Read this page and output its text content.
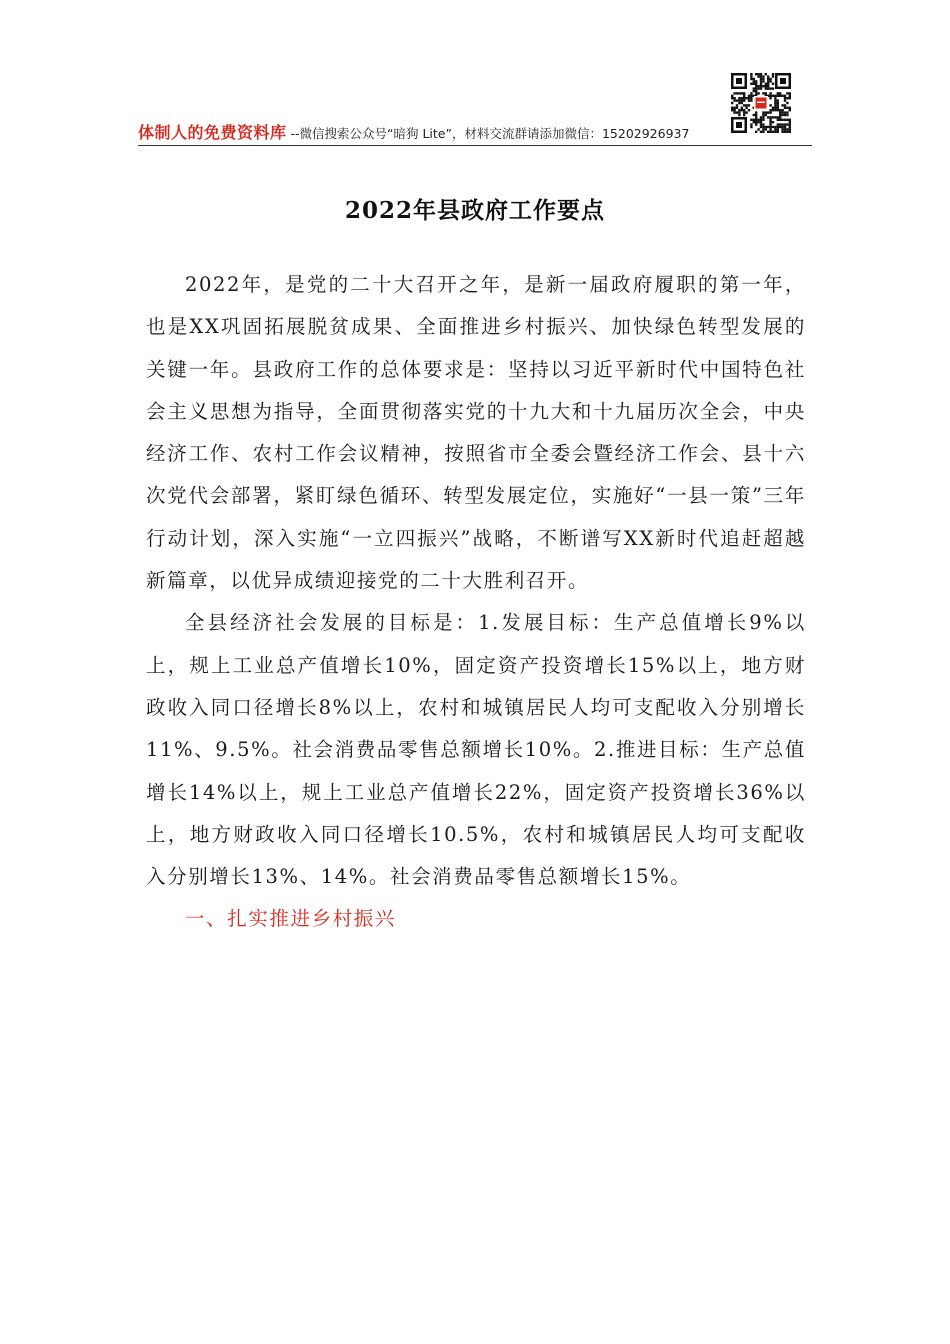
体制人的免费资料库 --微信搜索公众号“暗狗 Lite”，材料交流群请添加微信：15202926937
2022年县政府工作要点

2022年，是党的二十大召开之年，是新一届政府履职的第一年，也是XX巩固拓展脱贫成果、全面推进乡村振兴、加快绿色转型发展的关键一年。县政府工作的总体要求是：坚持以习近平新时代中国特色社会主义思想为指导，全面贯彻落实党的十九大和十九届历次全会，中央经济工作、农村工作会议精神，按照省市全委会暨经济工作会、县十六次党代会部署，紧盯绿色循环、转型发展定位，实施好“一县一策”三年行动计划，深入实施“一立四振兴”战略，不断谱写XX新时代追赶超越新篇章，以优异成绩迎接党的二十大胜利召开。

全县经济社会发展的目标是：1.发展目标：生产总值增长9%以上，规上工业总产值增长10%，固定资产投资增长15%以上，地方财政收入同口径增长8%以上，农村和城镇居民人均可支配收入分别增长11%、9.5%。社会消费品零售总额增长10%。2.推进目标：生产总值增长14%以上，规上工业总产值增长22%，固定资产投资增长36%以上，地方财政收入同口径增长10.5%，农村和城镇居民人均可支配收入分别增长13%、14%。社会消费品零售总额增长15%。

一、扎实推进乡村振兴
